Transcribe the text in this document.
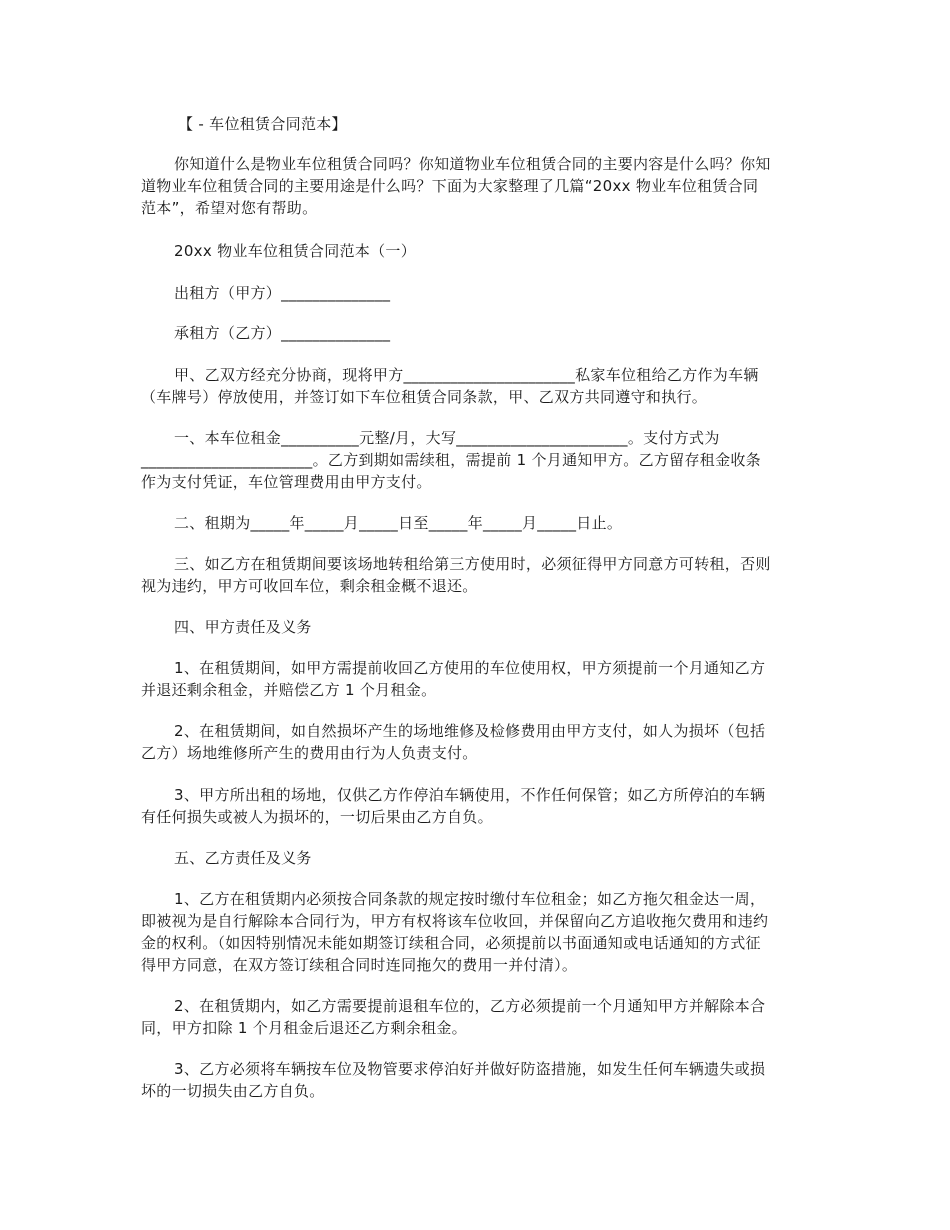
【 - 车位租赁合同范本】
你知道什么是物业车位租赁合同吗？你知道物业车位租赁合同的主要内容是什么吗？你知
道物业车位租赁合同的主要用途是什么吗？下面为大家整理了几篇“20xx 物业车位租赁合同
范本”，希望对您有帮助。
20xx 物业车位租赁合同范本（一）
出租方（甲方）______________
承租方（乙方）______________
甲、乙双方经充分协商，现将甲方______________________私家车位租给乙方作为车辆
（车牌号）停放使用，并签订如下车位租赁合同条款，甲、乙双方共同遵守和执行。
一、本车位租金__________元整/月，大写______________________。支付方式为
______________________。乙方到期如需续租，需提前 1 个月通知甲方。乙方留存租金收条
作为支付凭证，车位管理费用由甲方支付。
二、租期为_____年_____月_____日至_____年_____月_____日止。
三、如乙方在租赁期间要该场地转租给第三方使用时，必须征得甲方同意方可转租，否则
视为违约，甲方可收回车位，剩余租金概不退还。
四、甲方责任及义务
1、在租赁期间，如甲方需提前收回乙方使用的车位使用权，甲方须提前一个月通知乙方
并退还剩余租金，并赔偿乙方 1 个月租金。
2、在租赁期间，如自然损坏产生的场地维修及检修费用由甲方支付，如人为损坏（包括
乙方）场地维修所产生的费用由行为人负责支付。
3、甲方所出租的场地，仅供乙方作停泊车辆使用，不作任何保管；如乙方所停泊的车辆
有任何损失或被人为损坏的，一切后果由乙方自负。
五、乙方责任及义务
1、乙方在租赁期内必须按合同条款的规定按时缴付车位租金；如乙方拖欠租金达一周，
即被视为是自行解除本合同行为，甲方有权将该车位收回，并保留向乙方追收拖欠费用和违约
金的权利。（如因特别情况未能如期签订续租合同，必须提前以书面通知或电话通知的方式征
得甲方同意，在双方签订续租合同时连同拖欠的费用一并付清）。
2、在租赁期内，如乙方需要提前退租车位的，乙方必须提前一个月通知甲方并解除本合
同，甲方扣除 1 个月租金后退还乙方剩余租金。
3、乙方必须将车辆按车位及物管要求停泊好并做好防盗措施，如发生任何车辆遗失或损
坏的一切损失由乙方自负。
